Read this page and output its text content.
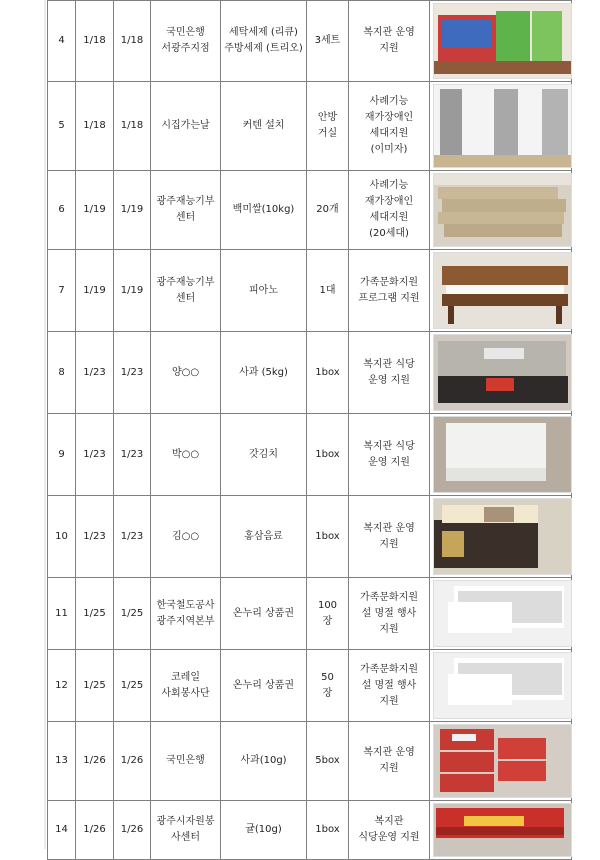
4	1/18	1/18	국민은행
서광주지점	세탁세제 (리큐)
주방세제 (트리오)	3세트	복지관 운영
지원	

5	1/18	1/18	시집가는날	커텐 설치	안방
거실	사례기능
재가장애인
세대지원
(이미자)	

6	1/19	1/19	광주재능기부
센터	백미쌀(10kg)	20개	사례기능
재가장애인
세대지원
(20세대)	

7	1/19	1/19	광주재능기부
센터	피아노	1대	가족문화지원
프로그램 지원	

8	1/23	1/23	양○○	사과 (5kg)	1box	복지관 식당
운영 지원	

9	1/23	1/23	박○○	갓김치	1box	복지관 식당
운영 지원	

10	1/23	1/23	김○○	홍삼음료	1box	복지관 운영
지원	

11	1/25	1/25	한국철도공사
광주지역본부	온누리 상품권	100
장	가족문화지원
설 명절 행사
지원	

12	1/25	1/25	코레일
사회봉사단	온누리 상품권	50
장	가족문화지원
설 명절 행사
지원	

13	1/26	1/26	국민은행	사과(10g)	5box	복지관 운영
지원	

14	1/26	1/26	광주시자원봉
사센터	귤(10g)	1box	복지관
식당운영 지원	
